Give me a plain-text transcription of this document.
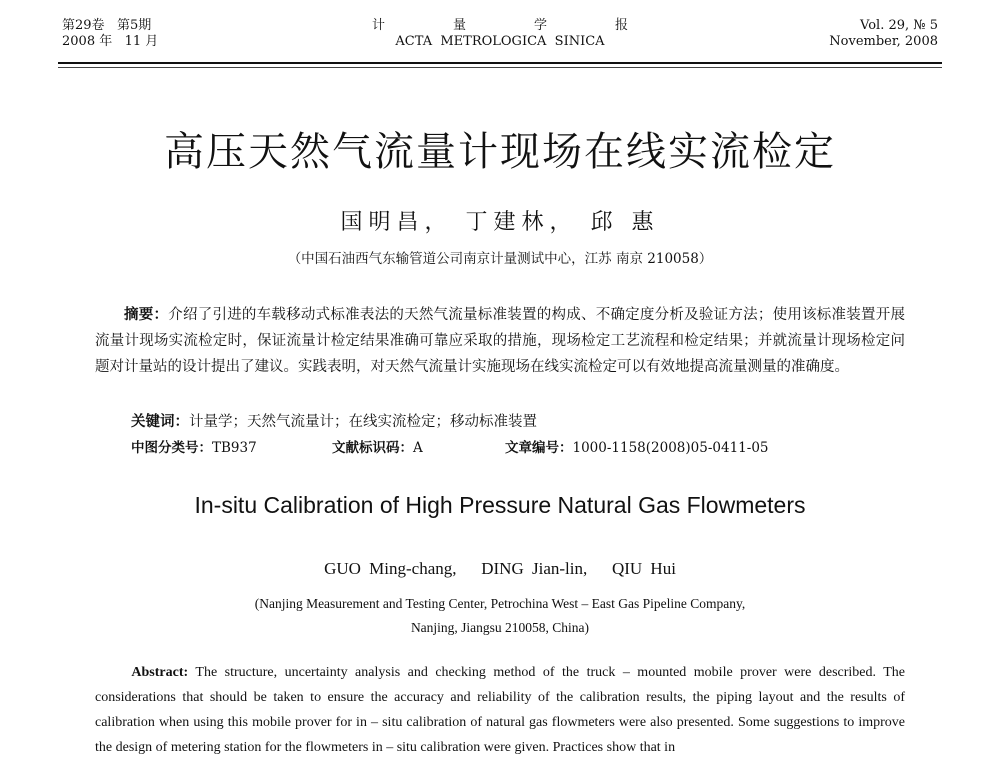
第29卷 第5期
2008 年 11 月
计	量	学	报
ACTA  METROLOGICA  SINICA
Vol. 29, № 5
November, 2008
高压天然气流量计现场在线实流检定
国明昌， 丁建林， 邱 惠
（中国石油西气东输管道公司南京计量测试中心，江苏 南京 210058）
摘要：介绍了引进的车载移动式标准表法的天然气流量标准装置的构成、不确定度分析及验证方法；使用该标准装置开展流量计现场实流检定时，保证流量计检定结果准确可靠应采取的措施，现场检定工艺流程和检定结果；并就流量计现场检定问题对计量站的设计提出了建议。实践表明，对天然气流量计实施现场在线实流检定可以有效地提高流量测量的准确度。
关键词：计量学；天然气流量计；在线实流检定；移动标准装置
中图分类号：TB937	文献标识码：A	文章编号：1000-1158(2008)05-0411-05
In-situ Calibration of High Pressure Natural Gas Flowmeters
GUO Ming-chang,   DING Jian-lin,   QIU Hui
(Nanjing Measurement and Testing Center, Petrochina West – East Gas Pipeline Company,
Nanjing, Jiangsu 210058, China)
Abstract: The structure, uncertainty analysis and checking method of the truck – mounted mobile prover were described. The considerations that should be taken to ensure the accuracy and reliability of the calibration results, the piping layout and the results of calibration when using this mobile prover for in – situ calibration of natural gas flowmeters were also presented. Some suggestions to improve the design of metering station for the flowmeters in – situ calibration were given. Practices show that in
